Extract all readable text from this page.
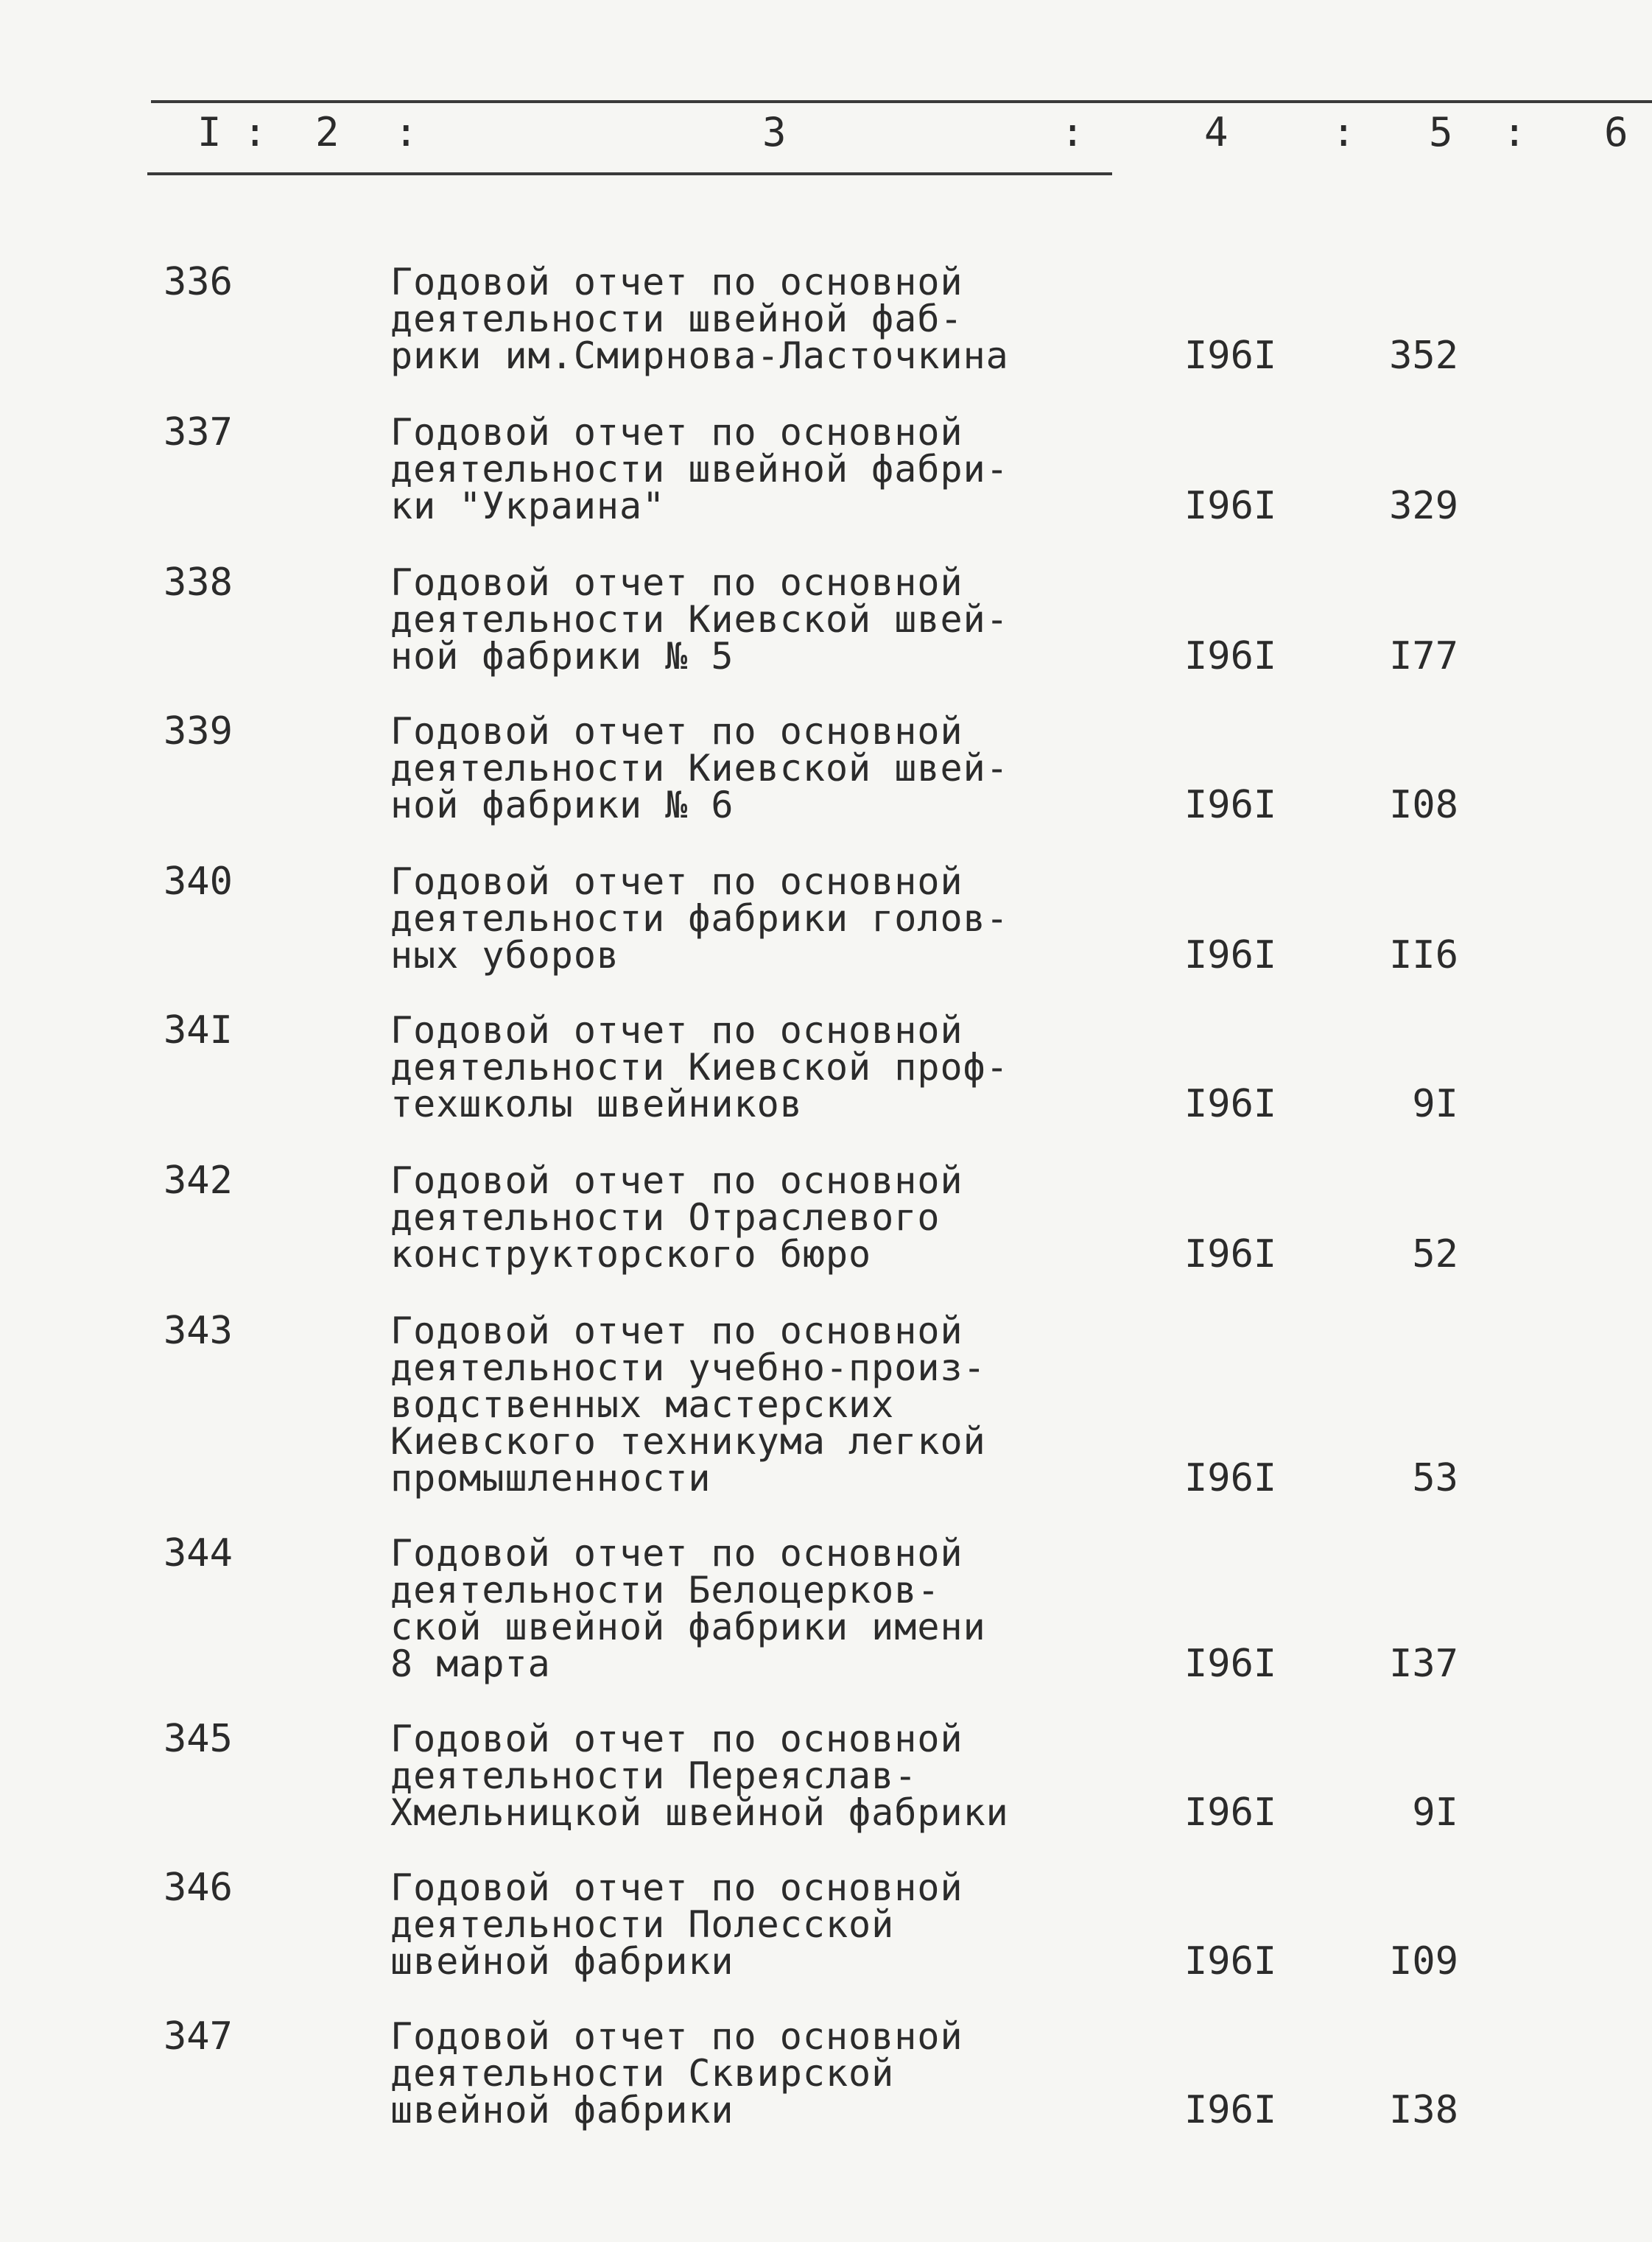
I : 2 :	3	:	4	: 5 : 6
336	Годовой отчет по основной
деятельности швейной фаб-
рики им.Смирнова-Ласточкина	I96I	352
337	Годовой отчет по основной
деятельности швейной фабри-
ки "Украина"	I96I	329
338	Годовой отчет по основной
деятельности Киевской швей-
ной фабрики № 5	I96I	I77
339	Годовой отчет по основной
деятельности Киевской швей-
ной фабрики № 6	I96I	I08
340	Годовой отчет по основной
деятельности фабрики голов-
ных уборов	I96I	II6
34I	Годовой отчет по основной
деятельности Киевской проф-
техшколы швейников	I96I	9I
342	Годовой отчет по основной
деятельности Отраслевого
конструкторского бюро	I96I	52
343	Годовой отчет по основной
деятельности учебно-произ-
водственных мастерских
Киевского техникума легкой
промышленности	I96I	53
344	Годовой отчет по основной
деятельности Белоцерков-
ской швейной фабрики имени
8 марта	I96I	I37
345	Годовой отчет по основной
деятельности Переяслав-
Хмельницкой швейной фабрики	I96I	9I
346	Годовой отчет по основной
деятельности Полесской
швейной фабрики	I96I	I09
347	Годовой отчет по основной
деятельности Сквирской
швейной фабрики	I96I	I38
